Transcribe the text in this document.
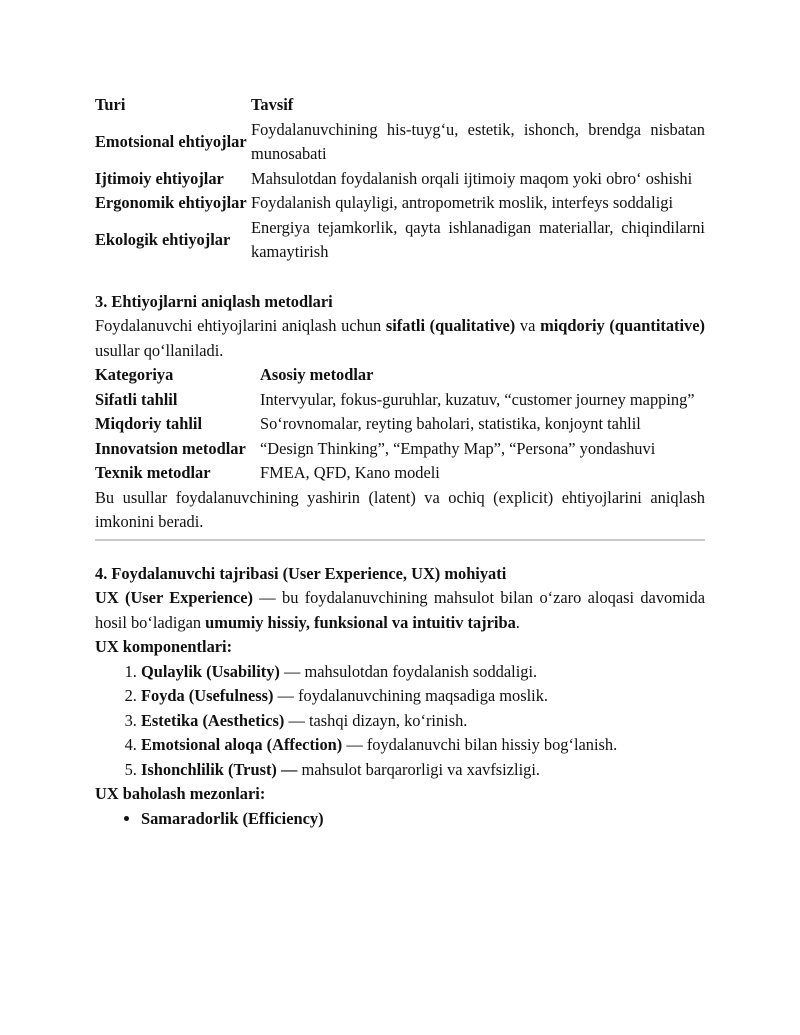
Turi	Tavsif
Emotsional ehtiyojlar	Foydalanuvchining his-tuyg‘u, estetik, ishonch, brendga nisbatan munosabati
Ijtimoiy ehtiyojlar	Mahsulotdan foydalanish orqali ijtimoiy maqom yoki obro‘ oshishi
Ergonomik ehtiyojlar	Foydalanish qulayligi, antropometrik moslik, interfeys soddaligi
Ekologik ehtiyojlar	Energiya tejamkorlik, qayta ishlanadigan materiallar, chiqindilarni kamaytirish
3. Ehtiyojlarni aniqlash metodlari

Foydalanuvchi ehtiyojlarini aniqlash uchun sifatli (qualitative) va miqdoriy (quantitative) usullar qo‘llaniladi.

Kategoriya	Asosiy metodlar
Sifatli tahlil	Intervyular, fokus-guruhlar, kuzatuv, “customer journey mapping”
Miqdoriy tahlil	So‘rovnomalar, reyting baholari, statistika, konjoynt tahlil
Innovatsion metodlar	“Design Thinking”, “Empathy Map”, “Persona” yondashuvi
Texnik metodlar	FMEA, QFD, Kano modeli

Bu usullar foydalanuvchining yashirin (latent) va ochiq (explicit) ehtiyojlarini aniqlash imkonini beradi.

4. Foydalanuvchi tajribasi (User Experience, UX) mohiyati

UX (User Experience) — bu foydalanuvchining mahsulot bilan o‘zaro aloqasi davomida hosil bo‘ladigan umumiy hissiy, funksional va intuitiv tajriba.

UX komponentlari:

1. Qulaylik (Usability) — mahsulotdan foydalanish soddaligi.
2. Foyda (Usefulness) — foydalanuvchining maqsadiga moslik.
3. Estetika (Aesthetics) — tashqi dizayn, ko‘rinish.
4. Emotsional aloqa (Affection) — foydalanuvchi bilan hissiy bog‘lanish.
5. Ishonchlilik (Trust) — mahsulot barqarorligi va xavfsizligi.

UX baholash mezonlari:

• Samaradorlik (Efficiency)
